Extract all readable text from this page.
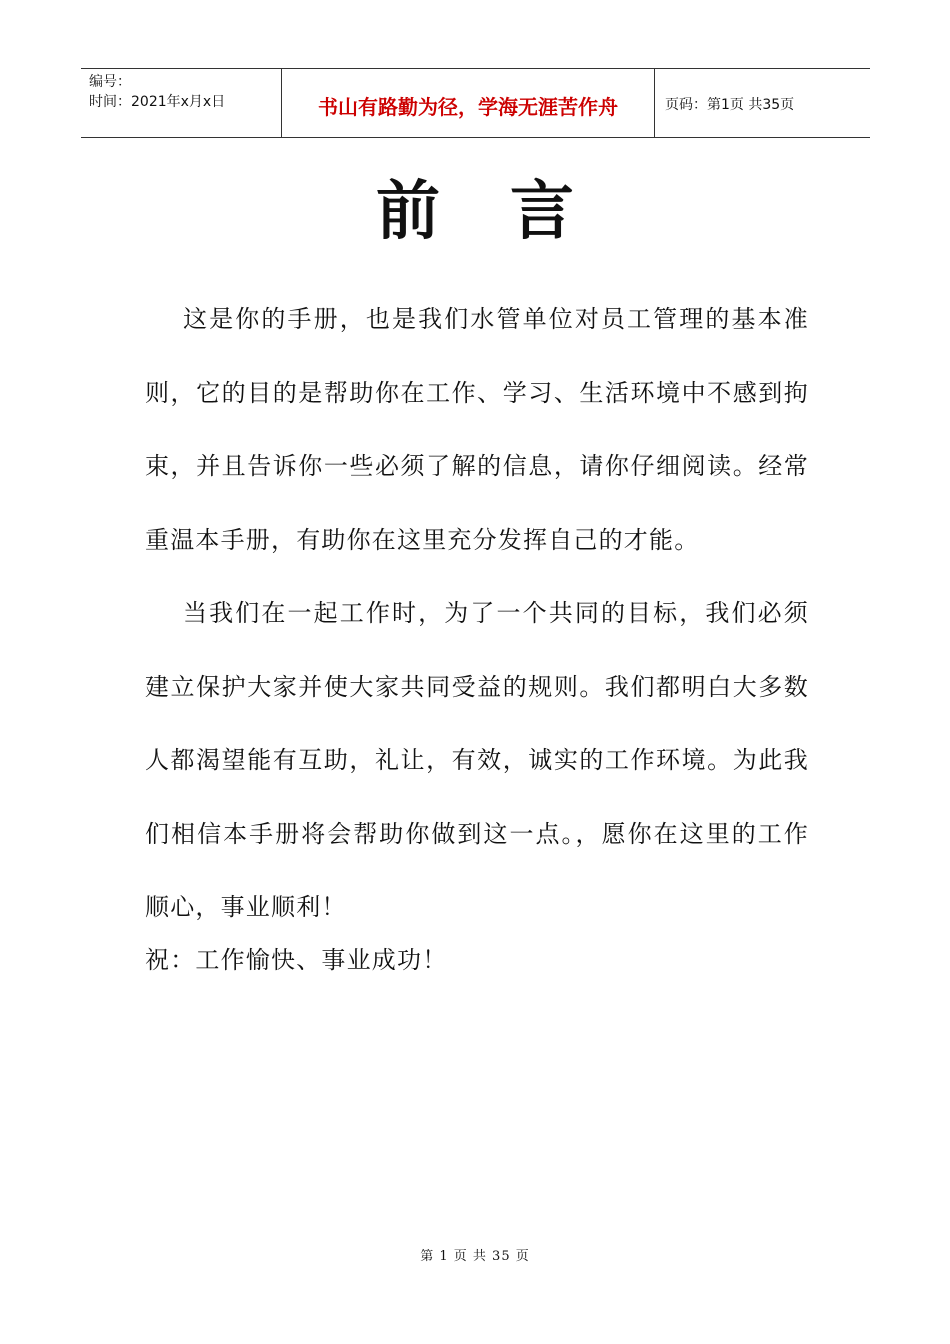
编号：
时间：2021年x月x日	书山有路勤为径，学海无涯苦作舟	页码：第1页 共35页
前言

这是你的手册，也是我们水管单位对员工管理的基本准则，它的目的是帮助你在工作、学习、生活环境中不感到拘束，并且告诉你一些必须了解的信息，请你仔细阅读。经常重温本手册，有助你在这里充分发挥自己的才能。

当我们在一起工作时，为了一个共同的目标，我们必须建立保护大家并使大家共同受益的规则。我们都明白大多数人都渴望能有互助，礼让，有效，诚实的工作环境。为此我们相信本手册将会帮助你做到这一点。，愿你在这里的工作顺心，事业顺利！

祝：工作愉快、事业成功！
第 1 页 共 35 页
